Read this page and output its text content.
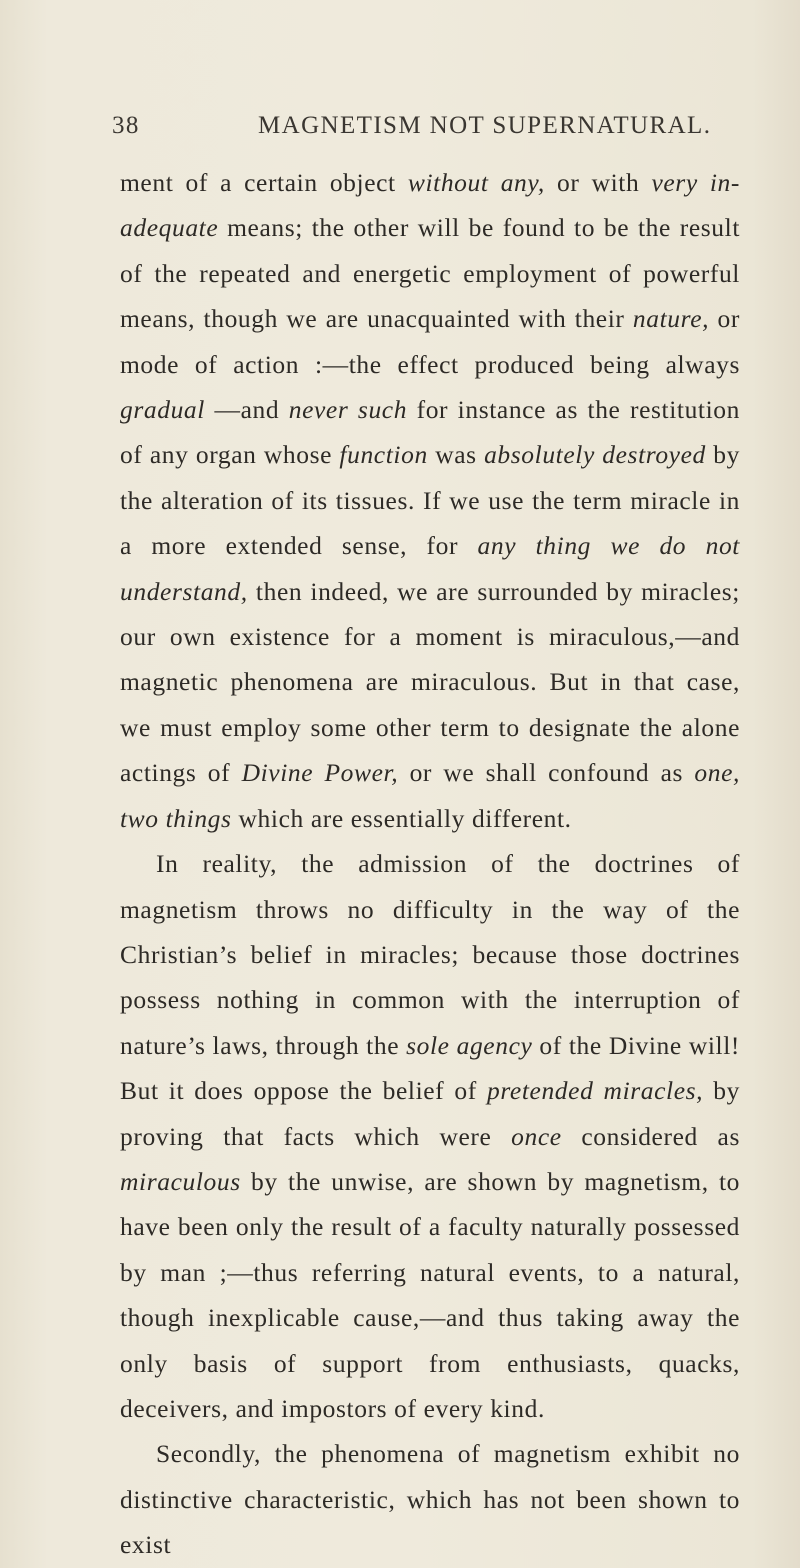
38	MAGNETISM NOT SUPERNATURAL.

ment of a certain object without any, or with very in-adequate means; the other will be found to be the result of the repeated and energetic employment of powerful means, though we are unacquainted with their nature, or mode of action :—the effect produced being always gradual —and never such for instance as the restitution of any organ whose function was absolutely destroyed by the alteration of its tissues. If we use the term miracle in a more extended sense, for any thing we do not understand, then indeed, we are surrounded by miracles; our own existence for a moment is miraculous,—and magnetic phenomena are miraculous. But in that case, we must employ some other term to designate the alone actings of Divine Power, or we shall confound as one, two things which are essentially different.

In reality, the admission of the doctrines of magnetism throws no difficulty in the way of the Christian’s belief in miracles; because those doctrines possess nothing in common with the interruption of nature’s laws, through the sole agency of the Divine will! But it does oppose the belief of pretended miracles, by proving that facts which were once considered as miraculous by the unwise, are shown by magnetism, to have been only the result of a faculty naturally possessed by man ;—thus referring natural events, to a natural, though inexplicable cause,—and thus taking away the only basis of support from enthusiasts, quacks, deceivers, and impostors of every kind.

Secondly, the phenomena of magnetism exhibit no distinctive characteristic, which has not been shown to exist
